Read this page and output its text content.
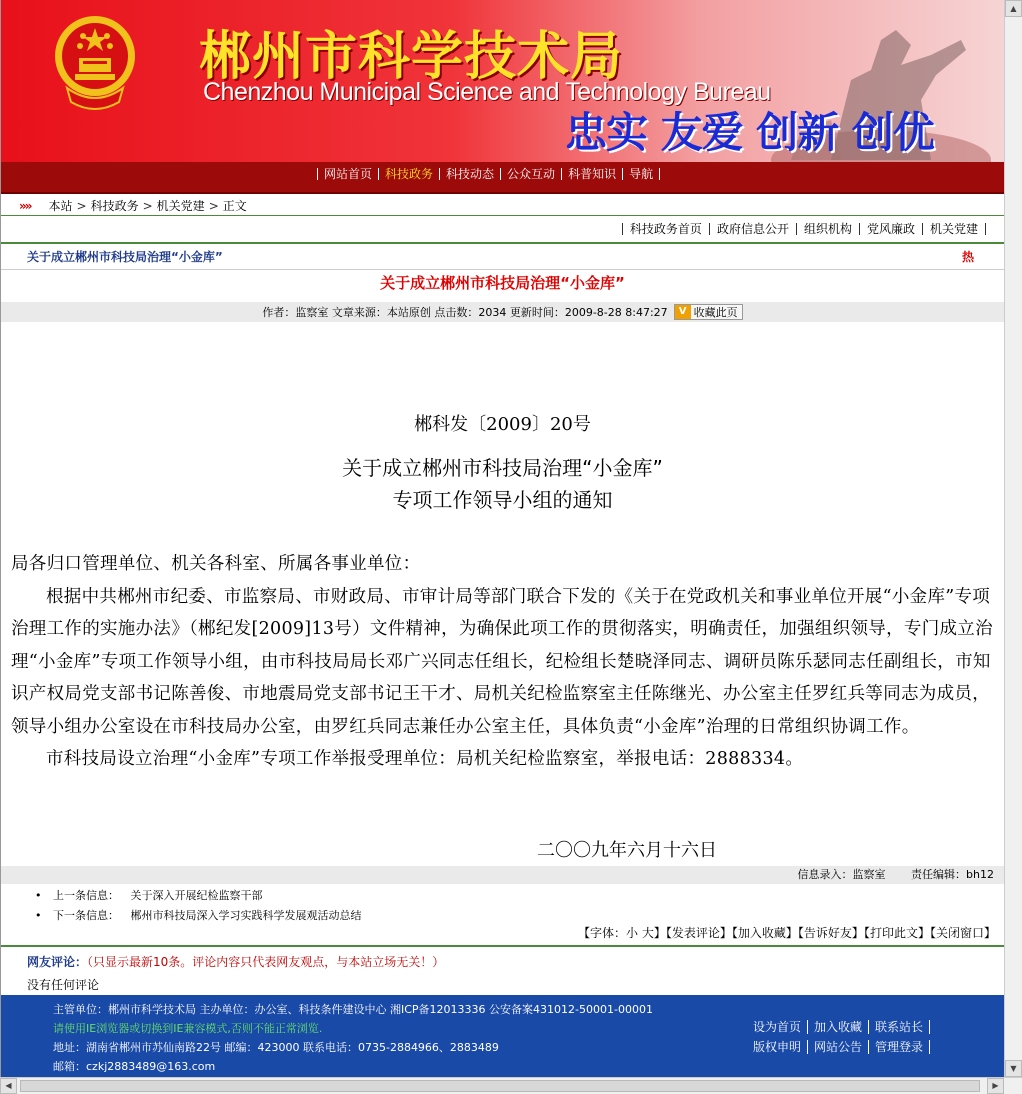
郴州市科学技术局
Chenzhou Municipal Science and Technology Bureau
忠实 友爱 创新 创优
网站首页	科技政务	科技动态	公众互动	科普知识	导航
»» 本站 > 科技政务 > 机关党建 > 正文
科技政务首页	政府信息公开	组织机构	党风廉政	机关党建
关于成立郴州市科技局治理“小金库”	热
关于成立郴州市科技局治理“小金库”
作者：监察室 文章来源：本站原创 点击数：2034 更新时间：2009-8-28 8:47:27	V 收藏此页
郴科发〔2009〕20号
关于成立郴州市科技局治理“小金库”
专项工作领导小组的通知

局各归口管理单位、机关各科室、所属各事业单位：

根据中共郴州市纪委、市监察局、市财政局、市审计局等部门联合下发的《关于在党政机关和事业单位开展“小金库”专项治理工作的实施办法》（郴纪发[2009]13号）文件精神，为确保此项工作的贯彻落实，明确责任，加强组织领导，专门成立治理“小金库”专项工作领导小组，由市科技局局长邓广兴同志任组长，纪检组长楚晓泽同志、调研员陈乐瑟同志任副组长，市知识产权局党支部书记陈善俊、市地震局党支部书记王干才、局机关纪检监察室主任陈继光、办公室主任罗红兵等同志为成员，领导小组办公室设在市科技局办公室，由罗红兵同志兼任办公室主任，具体负责“小金库”治理的日常组织协调工作。

市科技局设立治理“小金库”专项工作举报受理单位：局机关纪检监察室，举报电话：2888334。

二〇〇九年六月十六日
信息录入：监察室 责任编辑：bh12
• 上一条信息： 关于深入开展纪检监察干部
• 下一条信息： 郴州市科技局深入学习实践科学发展观活动总结
【字体：小 大】【发表评论】【加入收藏】【告诉好友】【打印此文】【关闭窗口】
网友评论：（只显示最新10条。评论内容只代表网友观点，与本站立场无关！）
没有任何评论
主管单位：郴州市科学技术局 主办单位：办公室、科技条件建设中心 湘ICP备12013336 公安备案431012-50001-00001
请使用IE浏览器或切换到IE兼容模式,否则不能正常浏览.
地址：湖南省郴州市苏仙南路22号 邮编：423000 联系电话：0735-2884966、2883489
邮箱：czkj2883489@163.com
设为首页 加入收藏 联系站长
版权申明 网站公告 管理登录
▲
▼
◀	▶
